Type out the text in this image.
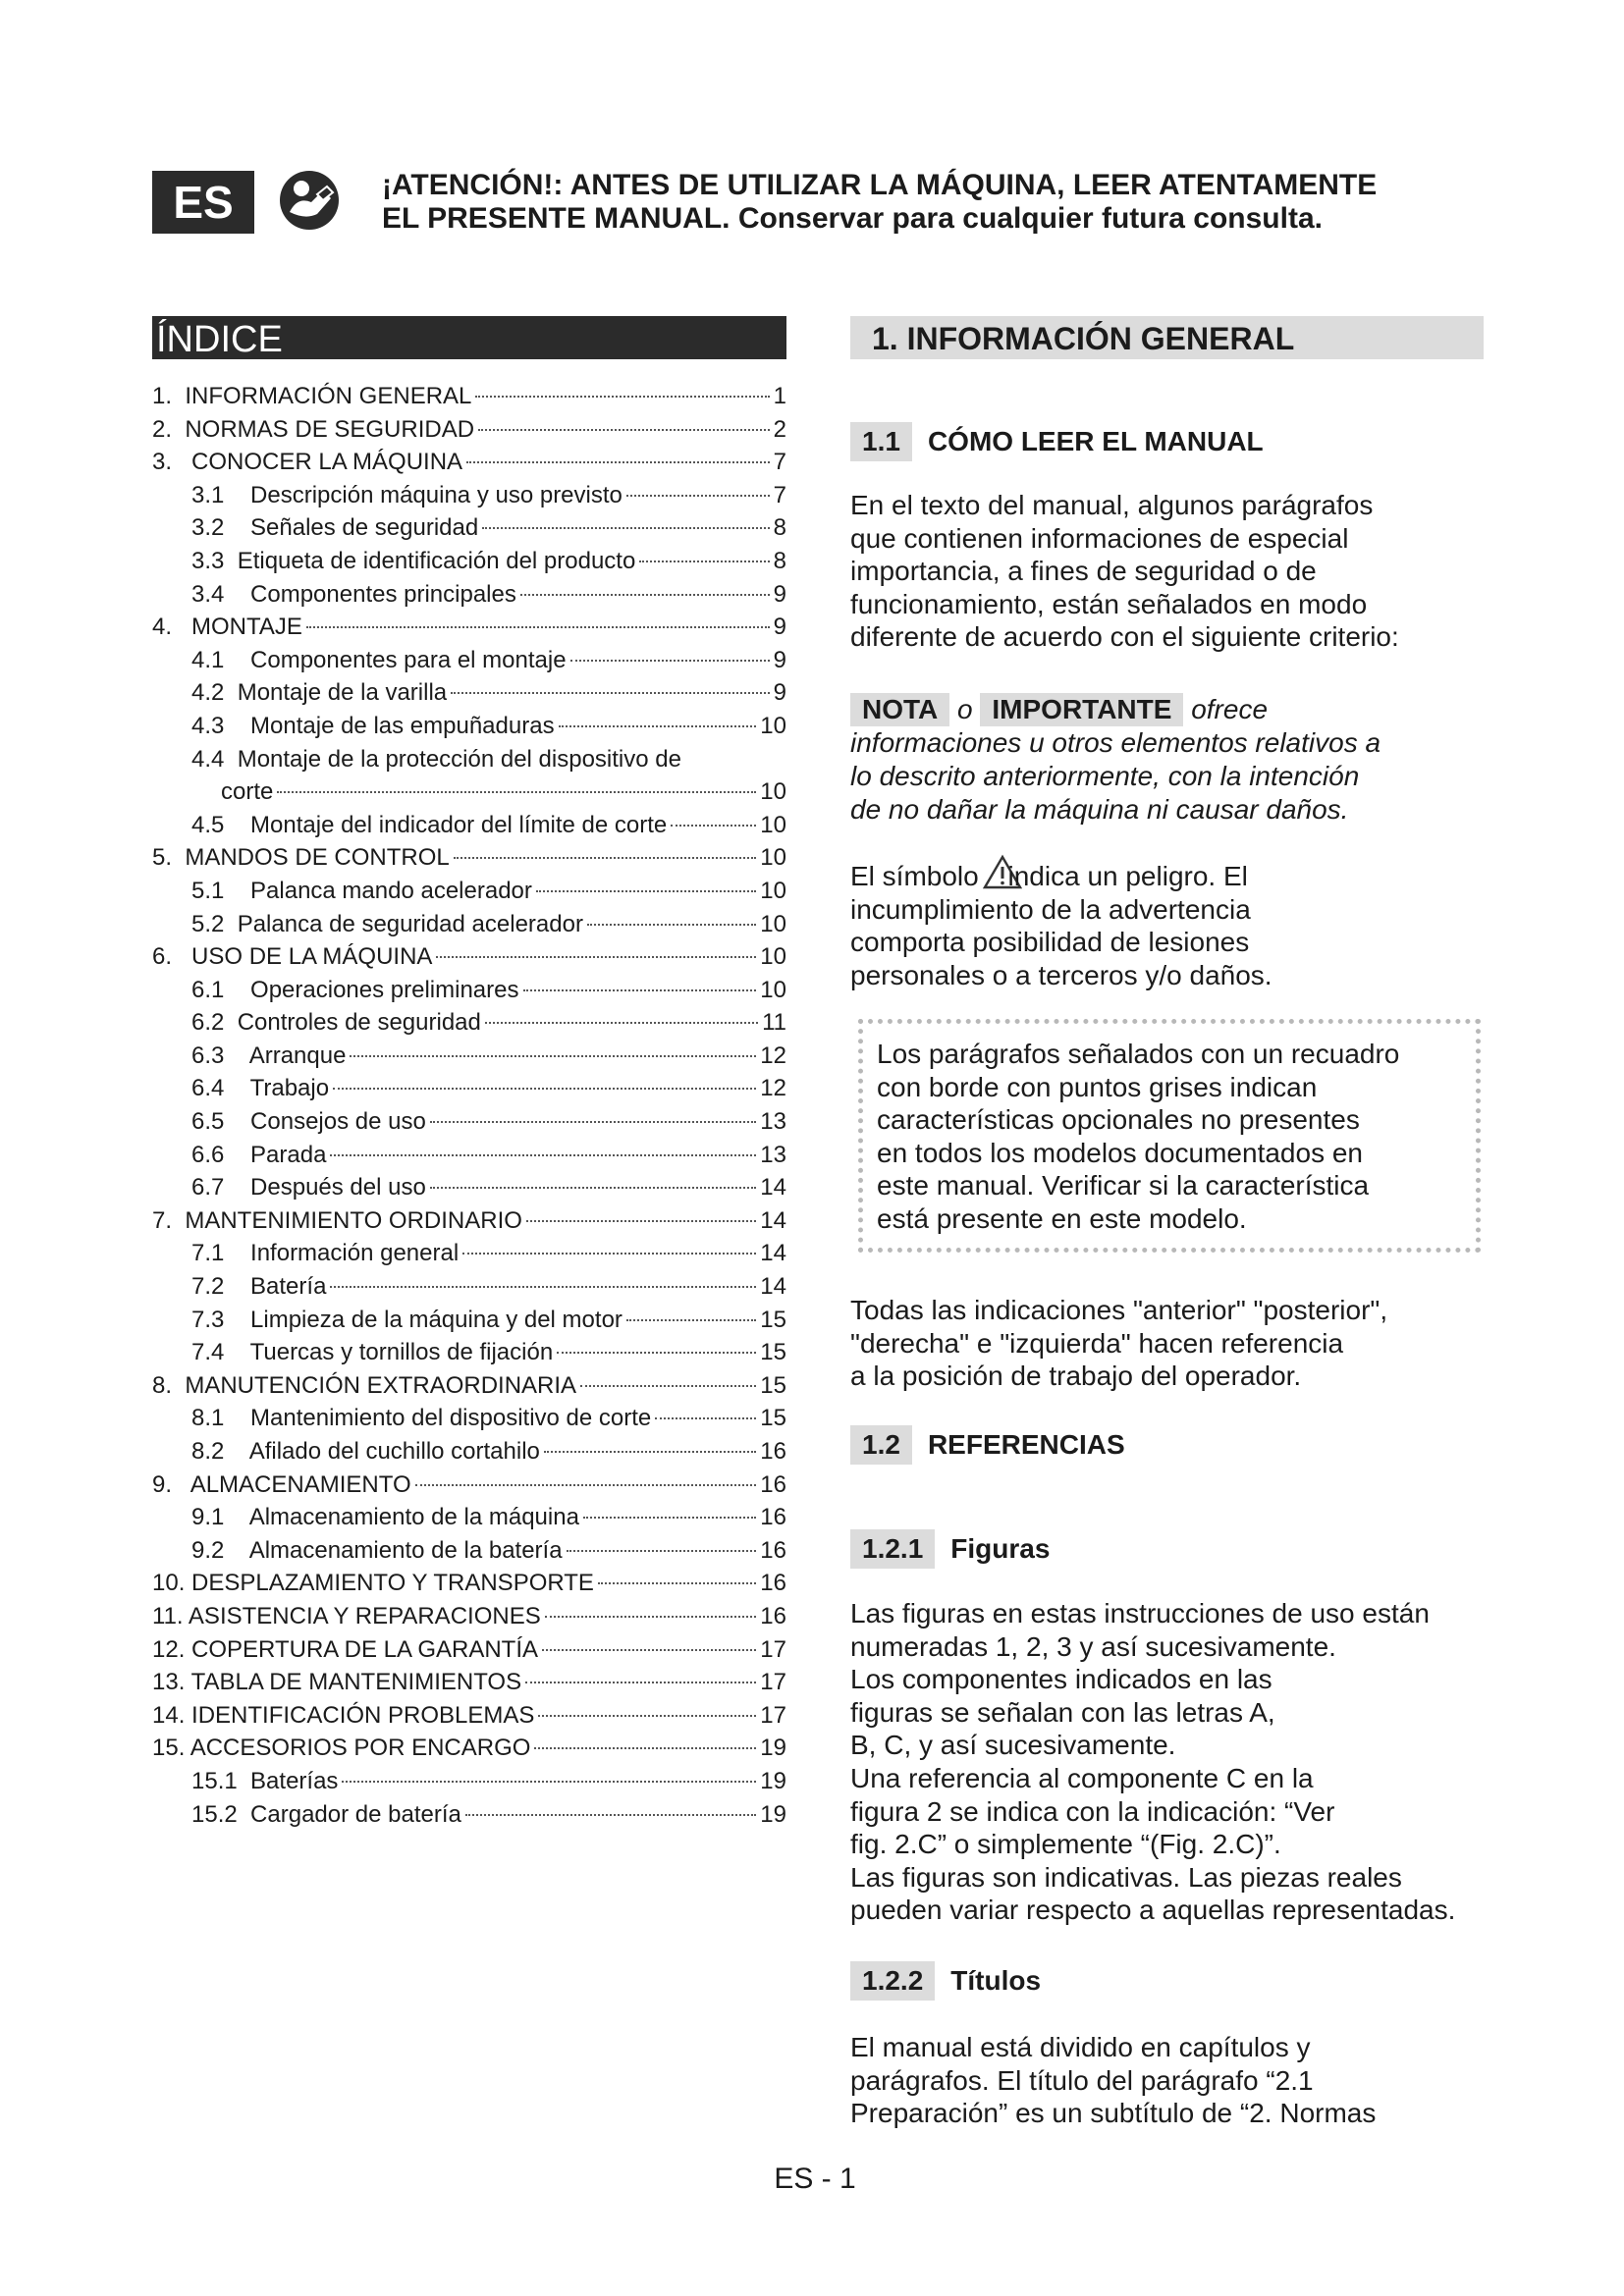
ES	¡ATENCIÓN!: ANTES DE UTILIZAR LA MÁQUINA, LEER ATENTAMENTE
EL PRESENTE MANUAL. Conservar para cualquier futura consulta.
ÍNDICE
1.  INFORMACIÓN GENERAL	1
2.  NORMAS DE SEGURIDAD	2
3.   CONOCER LA MÁQUINA	7
3.1    Descripción máquina y uso previsto	7
3.2    Señales de seguridad	8
3.3  Etiqueta de identificación del producto	8
3.4    Componentes principales	9
4.   MONTAJE	9
4.1    Componentes para el montaje	9
4.2  Montaje de la varilla	9
4.3    Montaje de las empuñaduras	10
4.4  Montaje de la protección del dispositivo de
corte	10
4.5    Montaje del indicador del límite de corte	10
5.  MANDOS DE CONTROL	10
5.1    Palanca mando acelerador	10
5.2  Palanca de seguridad acelerador	10
6.   USO DE LA MÁQUINA	10
6.1    Operaciones preliminares	10
6.2  Controles de seguridad	11
6.3    Arranque	12
6.4    Trabajo	12
6.5    Consejos de uso	13
6.6    Parada	13
6.7    Después del uso	14
7.  MANTENIMIENTO ORDINARIO	14
7.1    Información general	14
7.2    Batería	14
7.3    Limpieza de la máquina y del motor	15
7.4    Tuercas y tornillos de fijación	15
8.  MANUTENCIÓN EXTRAORDINARIA	15
8.1    Mantenimiento del dispositivo de corte	15
8.2    Afilado del cuchillo cortahilo	16
9.   ALMACENAMIENTO	16
9.1    Almacenamiento de la máquina	16
9.2    Almacenamiento de la batería	16
10. DESPLAZAMIENTO Y TRANSPORTE	16
11. ASISTENCIA Y REPARACIONES	16
12. COPERTURA DE LA GARANTÍA	17
13. TABLA DE MANTENIMIENTOS	17
14. IDENTIFICACIÓN PROBLEMAS	17
15. ACCESORIOS POR ENCARGO	19
15.1  Baterías	19
15.2  Cargador de batería	19
1. INFORMACIÓN GENERAL
1.1	CÓMO LEER EL MANUAL

En el texto del manual, algunos parágrafos

que contienen informaciones de especial

importancia, a fines de seguridad o de

funcionamiento, están señalados en modo

diferente de acuerdo con el siguiente criterio:

NOTA o IMPORTANTE ofrece
informaciones u otros elementos relativos a
lo descrito anteriormente, con la intención
de no dañar la máquina ni causar daños.

El símbolo indica un peligro. El

incumplimiento de la advertencia

comporta posibilidad de lesiones

personales o a terceros y/o daños.

Los parágrafos señalados con un recuadro

con borde con puntos grises indican

características opcionales no presentes

en todos los modelos documentados en

este manual. Verificar si la característica

está presente en este modelo.

Todas las indicaciones "anterior" "posterior",

"derecha" e "izquierda" hacen referencia

a la posición de trabajo del operador.

1.2	REFERENCIAS
1.2.1	Figuras

Las figuras en estas instrucciones de uso están

numeradas 1, 2, 3 y así sucesivamente.

Los componentes indicados en las

figuras se señalan con las letras A,

B, C, y así sucesivamente.

Una referencia al componente C en la

figura 2 se indica con la indicación: “Ver

fig. 2.C” o simplemente “(Fig. 2.C)”.

Las figuras son indicativas. Las piezas reales

pueden variar respecto a aquellas representadas.

1.2.2	Títulos

El manual está dividido en capítulos y

parágrafos. El título del parágrafo “2.1

Preparación” es un subtítulo de “2. Normas

ES - 1
